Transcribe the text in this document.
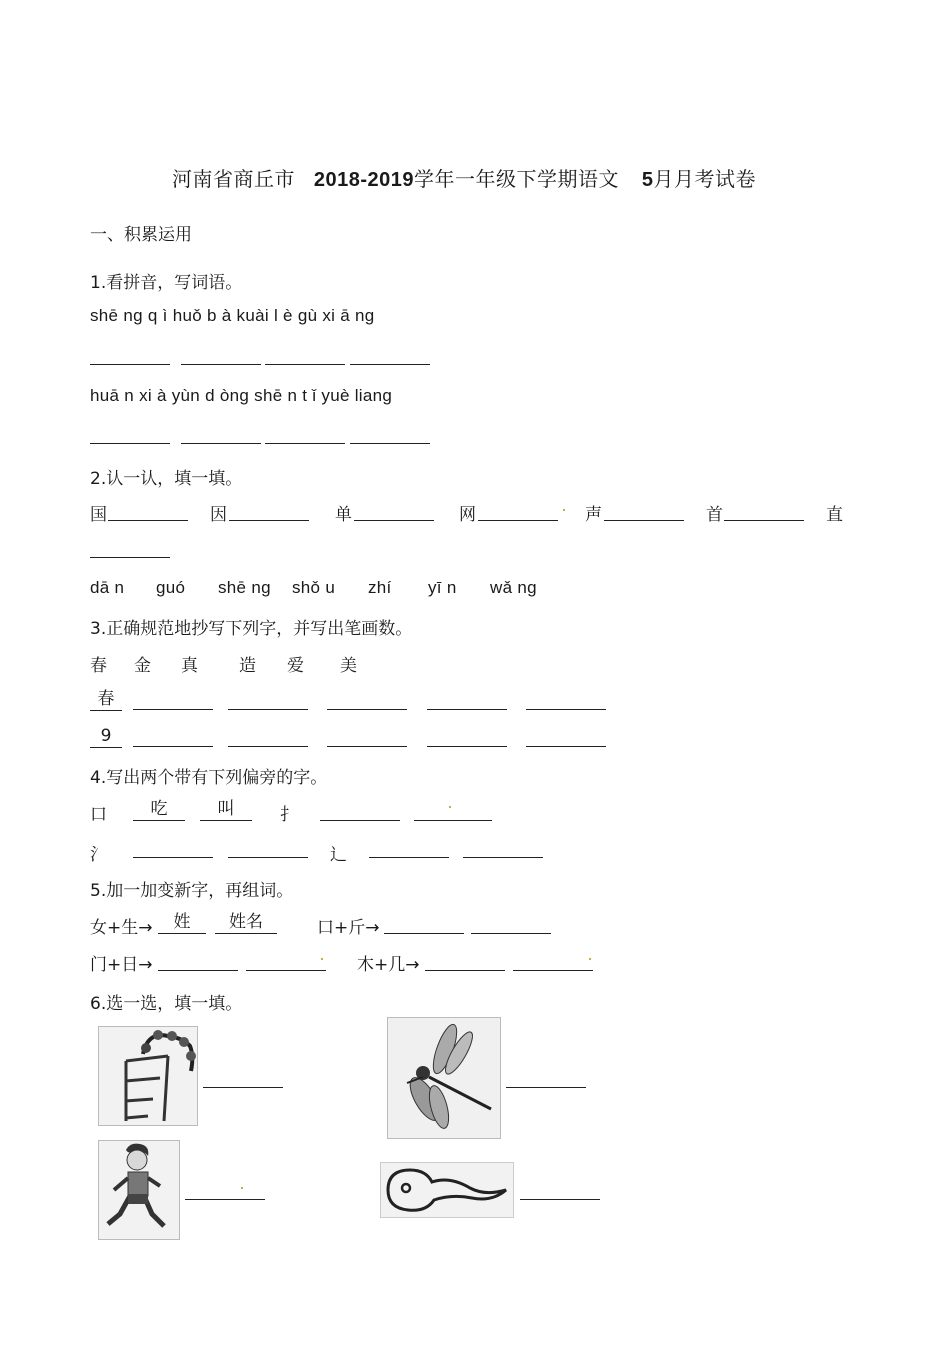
河南省商丘市 2018-2019学年一年级下学期语文 5月月考试卷
一、积累运用
1.看拼音，写词语。
shē ng q ì huǒ b à kuài l è gù xi ā ng
huā n xi à yùn d òng shē n t ǐ yuè liang
2.认一认，填一填。
国	因	单	网	声	首	直
dā n guó shē ng shǒ u zhí yī n wǎ ng
3.正确规范地抄写下列字，并写出笔画数。
春 金 真 造 爱 美
春
9
4.写出两个带有下列偏旁的字。
口	吃	叫	扌
氵	辶
5.加一加变新字，再组词。
女+生→	姓	姓名	口+斤→
门+日→	木+几→
6.选一选，填一填。
